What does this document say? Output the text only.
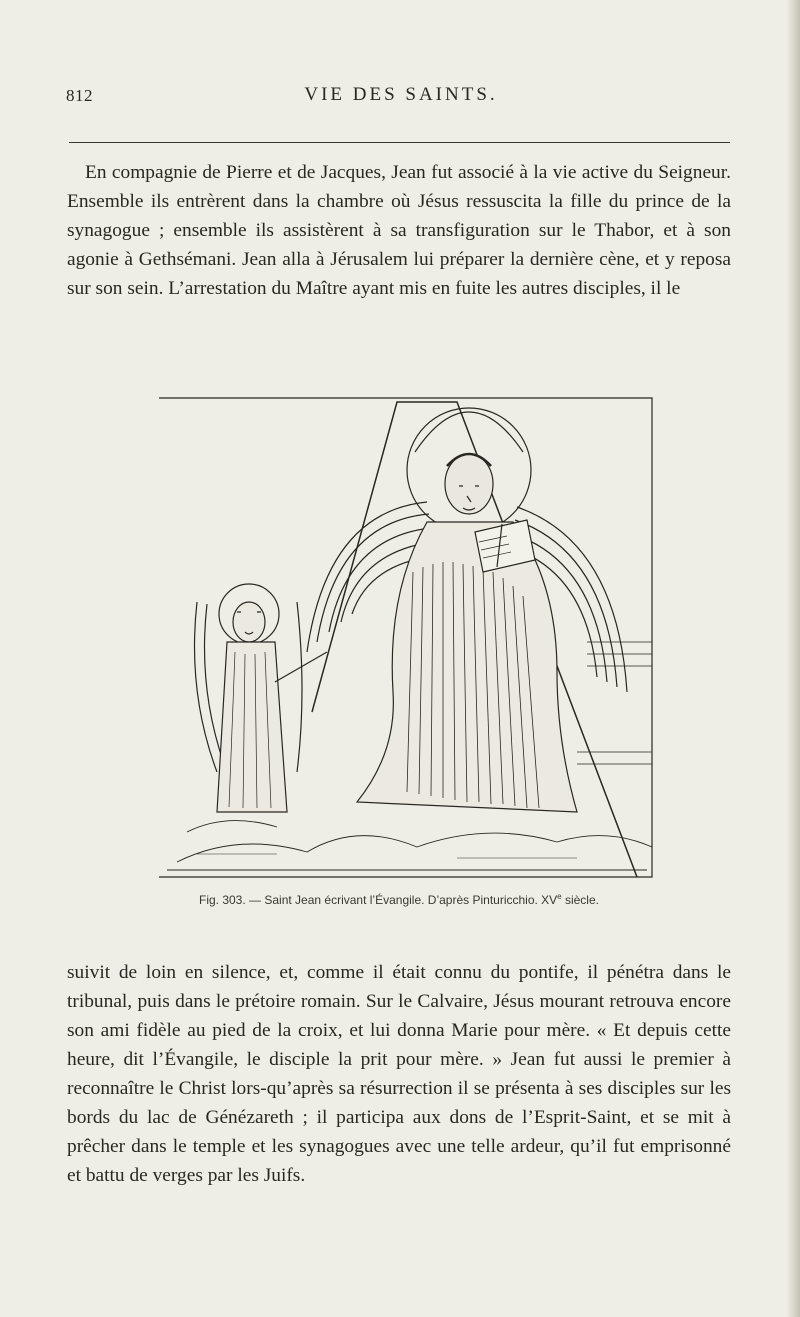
812	VIE DES SAINTS.

En compagnie de Pierre et de Jacques, Jean fut associé à la vie active du Seigneur. Ensemble ils entrèrent dans la chambre où Jésus ressuscita la fille du prince de la synagogue ; ensemble ils assistèrent à sa transfiguration sur le Thabor, et à son agonie à Gethsémani. Jean alla à Jérusalem lui préparer la dernière cène, et y reposa sur son sein. L’arrestation du Maître ayant mis en fuite les autres disciples, il le

Fig. 303. — Saint Jean écrivant l’Évangile. D’après Pinturicchio. XVe siècle.

suivit de loin en silence, et, comme il était connu du pontife, il pénétra dans le tribunal, puis dans le prétoire romain. Sur le Calvaire, Jésus mourant retrouva encore son ami fidèle au pied de la croix, et lui donna Marie pour mère. « Et depuis cette heure, dit l’Évangile, le disciple la prit pour mère. » Jean fut aussi le premier à reconnaître le Christ lors-qu’après sa résurrection il se présenta à ses disciples sur les bords du lac de Génézareth ; il participa aux dons de l’Esprit-Saint, et se mit à prêcher dans le temple et les synagogues avec une telle ardeur, qu’il fut emprisonné et battu de verges par les Juifs.
